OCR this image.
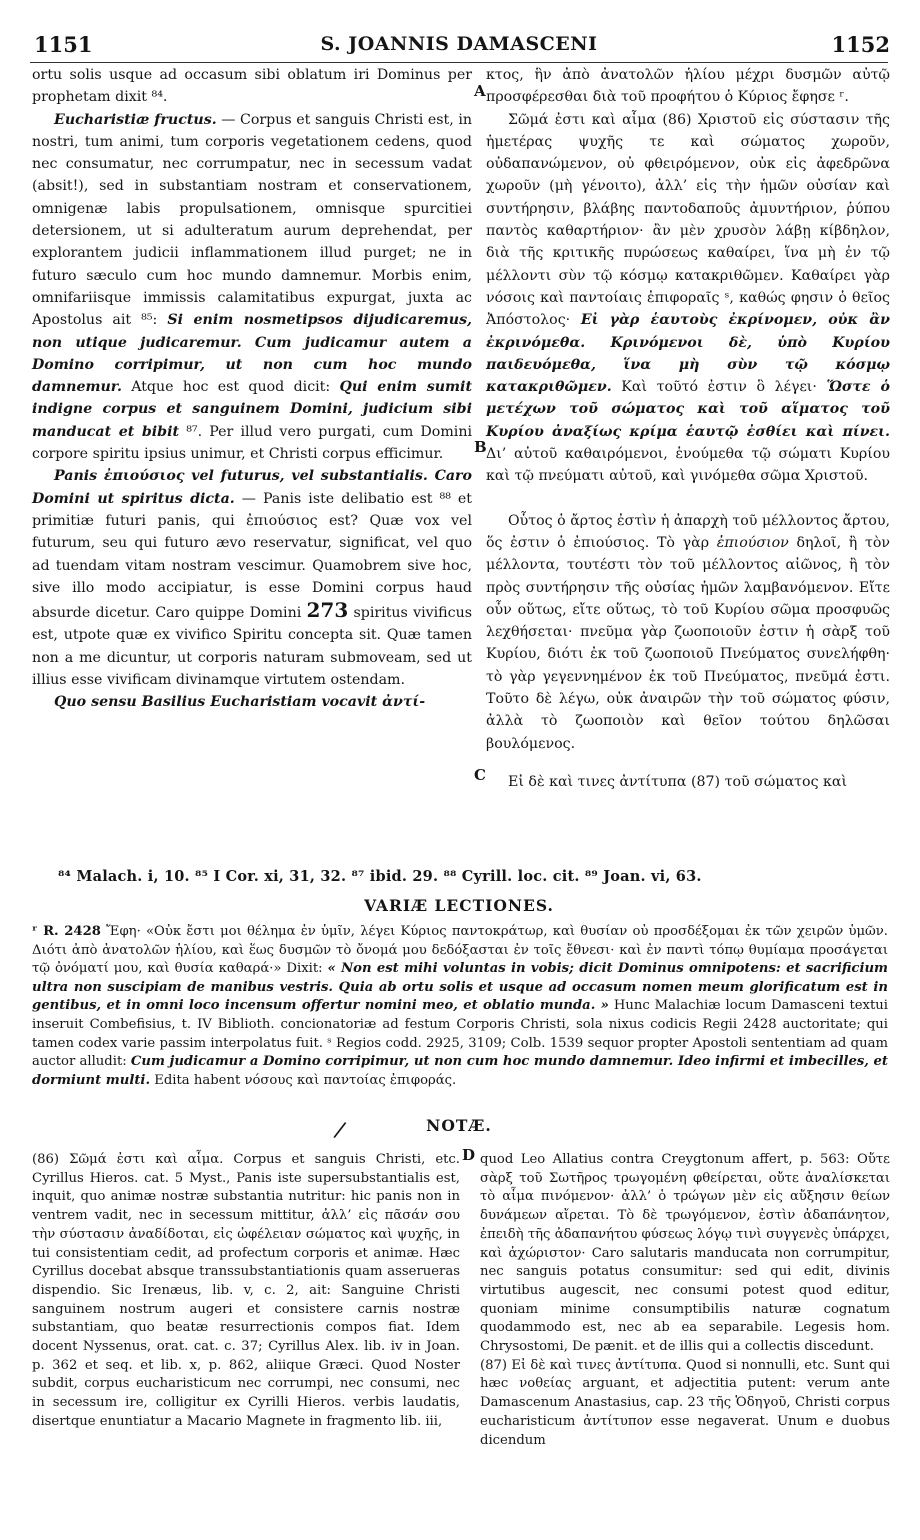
1151	S. JOANNIS DAMASCENI	1152
A
B
C
D

ortu solis usque ad occasum sibi oblatum iri Dominus per prophetam dixit ⁸⁴.

Eucharistiæ fructus. — Corpus et sanguis Christi est, in nostri, tum animi, tum corporis vegetationem cedens, quod nec consumatur, nec corrumpatur, nec in secessum vadat (absit!), sed in substantiam nostram et conservationem, omnigenæ labis propulsationem, omnisque spurcitiei detersionem, ut si adulteratum aurum deprehendat, per explorantem judicii inflammationem illud purget; ne in futuro sæculo cum hoc mundo damnemur. Morbis enim, omnifariisque immissis calamitatibus expurgat, juxta ac Apostolus ait ⁸⁵: Si enim nosmetipsos dijudicaremus, non utique judicaremur. Cum judicamur autem a Domino corripimur, ut non cum hoc mundo damnemur. Atque hoc est quod dicit: Qui enim sumit indigne corpus et sanguinem Domini, judicium sibi manducat et bibit ⁸⁷. Per illud vero purgati, cum Domini corpore spiritu ipsius unimur, et Christi corpus efficimur.

Panis ἐπιούσιος vel futurus, vel substantialis. Caro Domini ut spiritus dicta. — Panis iste delibatio est ⁸⁸ et primitiæ futuri panis, qui ἐπιούσιος est? Quæ vox vel futurum, seu qui futuro ævo reservatur, significat, vel quo ad tuendam vitam nostram vescimur. Quamobrem sive hoc, sive illo modo accipiatur, is esse Domini corpus haud absurde dicetur. Caro quippe Domini 273 spiritus vivificus est, utpote quæ ex vivifico Spiritu concepta sit. Quæ tamen non a me dicuntur, ut corporis naturam submoveam, sed ut illius esse vivificam divinamque virtutem ostendam.

Quo sensu Basilius Eucharistiam vocavit ἀντί-

κτος, ἣν ἀπὸ ἀνατολῶν ἡλίου μέχρι δυσμῶν αὐτῷ προσφέρεσθαι διὰ τοῦ προφήτου ὁ Κύριος ἔφησε ʳ.

Σῶμά ἐστι καὶ αἷμα (86) Χριστοῦ εἰς σύστασιν τῆς ἡμετέρας ψυχῆς τε καὶ σώματος χωροῦν, οὐδαπανώμενον, οὐ φθειρόμενον, οὐκ εἰς ἀφεδρῶνα χωροῦν (μὴ γένοιτο), ἀλλ’ εἰς τὴν ἡμῶν οὐσίαν καὶ συντήρησιν, βλάβης παντοδαποῦς ἀμυντήριον, ῥύπου παντὸς καθαρτήριον· ἂν μὲν χρυσὸν λάβῃ κίβδηλον, διὰ τῆς κριτικῆς πυρώσεως καθαίρει, ἵνα μὴ ἐν τῷ μέλλοντι σὺν τῷ κόσμῳ κατακριθῶμεν. Καθαίρει γὰρ νόσοις καὶ παντοίαις ἐπιφοραῖς ˢ, καθώς φησιν ὁ θεῖος Ἀπόστολος· Εἰ γὰρ ἑαυτοὺς ἐκρίνομεν, οὐκ ἂν ἐκρινόμεθα. Κρινόμενοι δὲ, ὑπὸ Κυρίου παιδευόμεθα, ἵνα μὴ σὺν τῷ κόσμῳ κατακριθῶμεν. Καὶ τοῦτό ἐστιν ὃ λέγει· Ὥστε ὁ μετέχων τοῦ σώματος καὶ τοῦ αἵματος τοῦ Κυρίου ἀναξίως κρίμα ἑαυτῷ ἐσθίει καὶ πίνει. Δι’ αὐτοῦ καθαιρόμενοι, ἑνούμεθα τῷ σώματι Κυρίου καὶ τῷ πνεύματι αὐτοῦ, καὶ γινόμεθα σῶμα Χριστοῦ.

Οὗτος ὁ ἄρτος ἐστὶν ἡ ἀπαρχὴ τοῦ μέλλοντος ἄρτου, ὅς ἐστιν ὁ ἐπιούσιος. Τὸ γὰρ ἐπιούσιον δηλοῖ, ἢ τὸν μέλλοντα, τουτέστι τὸν τοῦ μέλλοντος αἰῶνος, ἢ τὸν πρὸς συντήρησιν τῆς οὐσίας ἡμῶν λαμβανόμενον. Εἴτε οὖν οὕτως, εἴτε οὕτως, τὸ τοῦ Κυρίου σῶμα προσφυῶς λεχθήσεται· πνεῦμα γὰρ ζωοποιοῦν ἐστιν ἡ σὰρξ τοῦ Κυρίου, διότι ἐκ τοῦ ζωοποιοῦ Πνεύματος συνελήφθη· τὸ γὰρ γεγεννημένον ἐκ τοῦ Πνεύματος, πνεῦμά ἐστι. Τοῦτο δὲ λέγω, οὐκ ἀναιρῶν τὴν τοῦ σώματος φύσιν, ἀλλὰ τὸ ζωοποιὸν καὶ θεῖον τούτου δηλῶσαι βουλόμενος.

Εἰ δὲ καὶ τινες ἀντίτυπα (87) τοῦ σώματος καὶ

⁸⁴ Malach. i, 10. ⁸⁵ I Cor. xi, 31, 32. ⁸⁷ ibid. 29. ⁸⁸ Cyrill. loc. cit. ⁸⁹ Joan. vi, 63.
VARIÆ LECTIONES.
ʳ R. 2428 Ἔφη· «Οὐκ ἔστι μοι θέλημα ἐν ὑμῖν, λέγει Κύριος παντοκράτωρ, καὶ θυσίαν οὐ προσδέξομαι ἐκ τῶν χειρῶν ὑμῶν. Διότι ἀπὸ ἀνατολῶν ἡλίου, καὶ ἕως δυσμῶν τὸ ὄνομά μου δεδόξασται ἐν τοῖς ἔθνεσι· καὶ ἐν παντὶ τόπῳ θυμίαμα προσάγεται τῷ ὀνόματί μου, καὶ θυσία καθαρά·» Dixit: « Non est mihi voluntas in vobis; dicit Dominus omnipotens: et sacrificium ultra non suscipiam de manibus vestris. Quia ab ortu solis et usque ad occasum nomen meum glorificatum est in gentibus, et in omni loco incensum offertur nomini meo, et oblatio munda. » Hunc Malachiæ locum Damasceni textui inseruit Combefisius, t. IV Biblioth. concionatoriæ ad festum Corporis Christi, sola nixus codicis Regii 2428 auctoritate; qui tamen codex varie passim interpolatus fuit. ˢ Regios codd. 2925, 3109; Colb. 1539 sequor propter Apostoli sententiam ad quam auctor alludit: Cum judicamur a Domino corripimur, ut non cum hoc mundo damnemur. Ideo infirmi et imbecilles, et dormiunt multi. Edita habent νόσους καὶ παντοίας ἐπιφοράς.
/	NOTÆ.

(86) Σῶμά ἐστι καὶ αἷμα. Corpus et sanguis Christi, etc. Cyrillus Hieros. cat. 5 Myst., Panis iste supersubstantialis est, inquit, quo animæ nostræ substantia nutritur: hic panis non in ventrem vadit, nec in secessum mittitur, ἀλλ’ εἰς πᾶσάν σου τὴν σύστασιν ἀναδίδοται, εἰς ὠφέλειαν σώματος καὶ ψυχῆς, in tui consistentiam cedit, ad profectum corporis et animæ. Hæc Cyrillus docebat absque transsubstantiationis quam asserueras dispendio. Sic Irenæus, lib. v, c. 2, ait: Sanguine Christi sanguinem nostrum augeri et consistere carnis nostræ substantiam, quo beatæ resurrectionis compos fiat. Idem docent Nyssenus, orat. cat. c. 37; Cyrillus Alex. lib. iv in Joan. p. 362 et seq. et lib. x, p. 862, aliique Græci. Quod Noster subdit, corpus eucharisticum nec corrumpi, nec consumi, nec in secessum ire, colligitur ex Cyrilli Hieros. verbis laudatis, disertque enuntiatur a Macario Magnete in fragmento lib. iii,

quod Leo Allatius contra Creygtonum affert, p. 563: Οὔτε σὰρξ τοῦ Σωτῆρος τρωγομένη φθείρεται, οὔτε ἀναλίσκεται τὸ αἷμα πινόμενον· ἀλλ’ ὁ τρώγων μὲν εἰς αὔξησιν θείων δυνάμεων αἴρεται. Τὸ δὲ τρωγόμενον, ἐστὶν ἀδαπάνητον, ἐπειδὴ τῆς ἀδαπανήτου φύσεως λόγῳ τινὶ συγγενὲς ὑπάρχει, καὶ ἀχώριστον· Caro salutaris manducata non corrumpitur, nec sanguis potatus consumitur: sed qui edit, divinis virtutibus augescit, nec consumi potest quod editur, quoniam minime consumptibilis naturæ cognatum quodammodo est, nec ab ea separabile. Legesis hom. Chrysostomi, De pænit. et de illis qui a collectis discedunt.

(87) Εἰ δὲ καὶ τινες ἀντίτυπα. Quod si nonnulli, etc. Sunt qui hæc νοθείας arguant, et adjectitia putent: verum ante Damascenum Anastasius, cap. 23 τῆς Ὁδηγοῦ, Christi corpus eucharisticum ἀντίτυπον esse negaverat. Unum e duobus dicendum
